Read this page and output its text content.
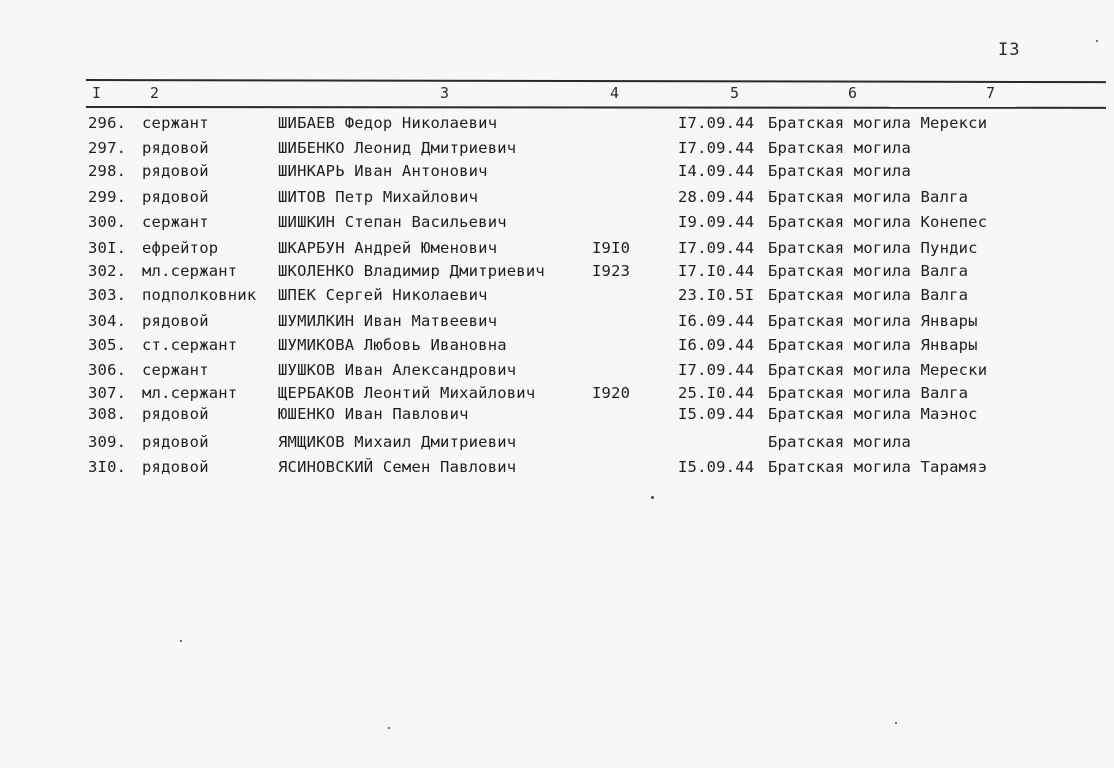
I3
I	2	3	4	5	6	7
296. сержант	ШИБАЕВ Федор Николаевич	I7.09.44 Братская могила Мерекси
297. рядовой	ШИБЕНКО Леонид Дмитриевич	I7.09.44 Братская могила
298. рядовой	ШИНКАРЬ Иван Антонович	I4.09.44 Братская могила
299. рядовой	ШИТОВ Петр Михайлович	28.09.44 Братская могила Валга
300. сержант	ШИШКИН Степан Васильевич	I9.09.44 Братская могила Конепес
30I. ефрейтор	ШКАРБУН Андрей Юменович	I9I0	I7.09.44 Братская могила Пундис
302. мл.сержант	ШКОЛЕНКО Владимир Дмитриевич	I923	I7.I0.44 Братская могила Валга
303. подполковник ШПЕК Сергей Николаевич	23.I0.5I Братская могила Валга
304. рядовой	ШУМИЛКИН Иван Матвеевич	I6.09.44 Братская могила Январы
305. ст.сержант	ШУМИКОВА Любовь Ивановна	I6.09.44 Братская могила Январы
306. сержант	ШУШКОВ Иван Александрович	I7.09.44 Братская могила Мерески
307. мл.сержант	ЩЕРБАКОВ Леонтий Михайлович	I920	25.I0.44 Братская могила Валга
308. рядовой	ЮШЕНКО Иван Павлович	I5.09.44 Братская могила Маэнос
309. рядовой	ЯМЩИКОВ Михаил Дмитриевич	Братская могила
3I0. рядовой	ЯСИНОВСКИЙ Семен Павлович	I5.09.44 Братская могила Тарамяэ
